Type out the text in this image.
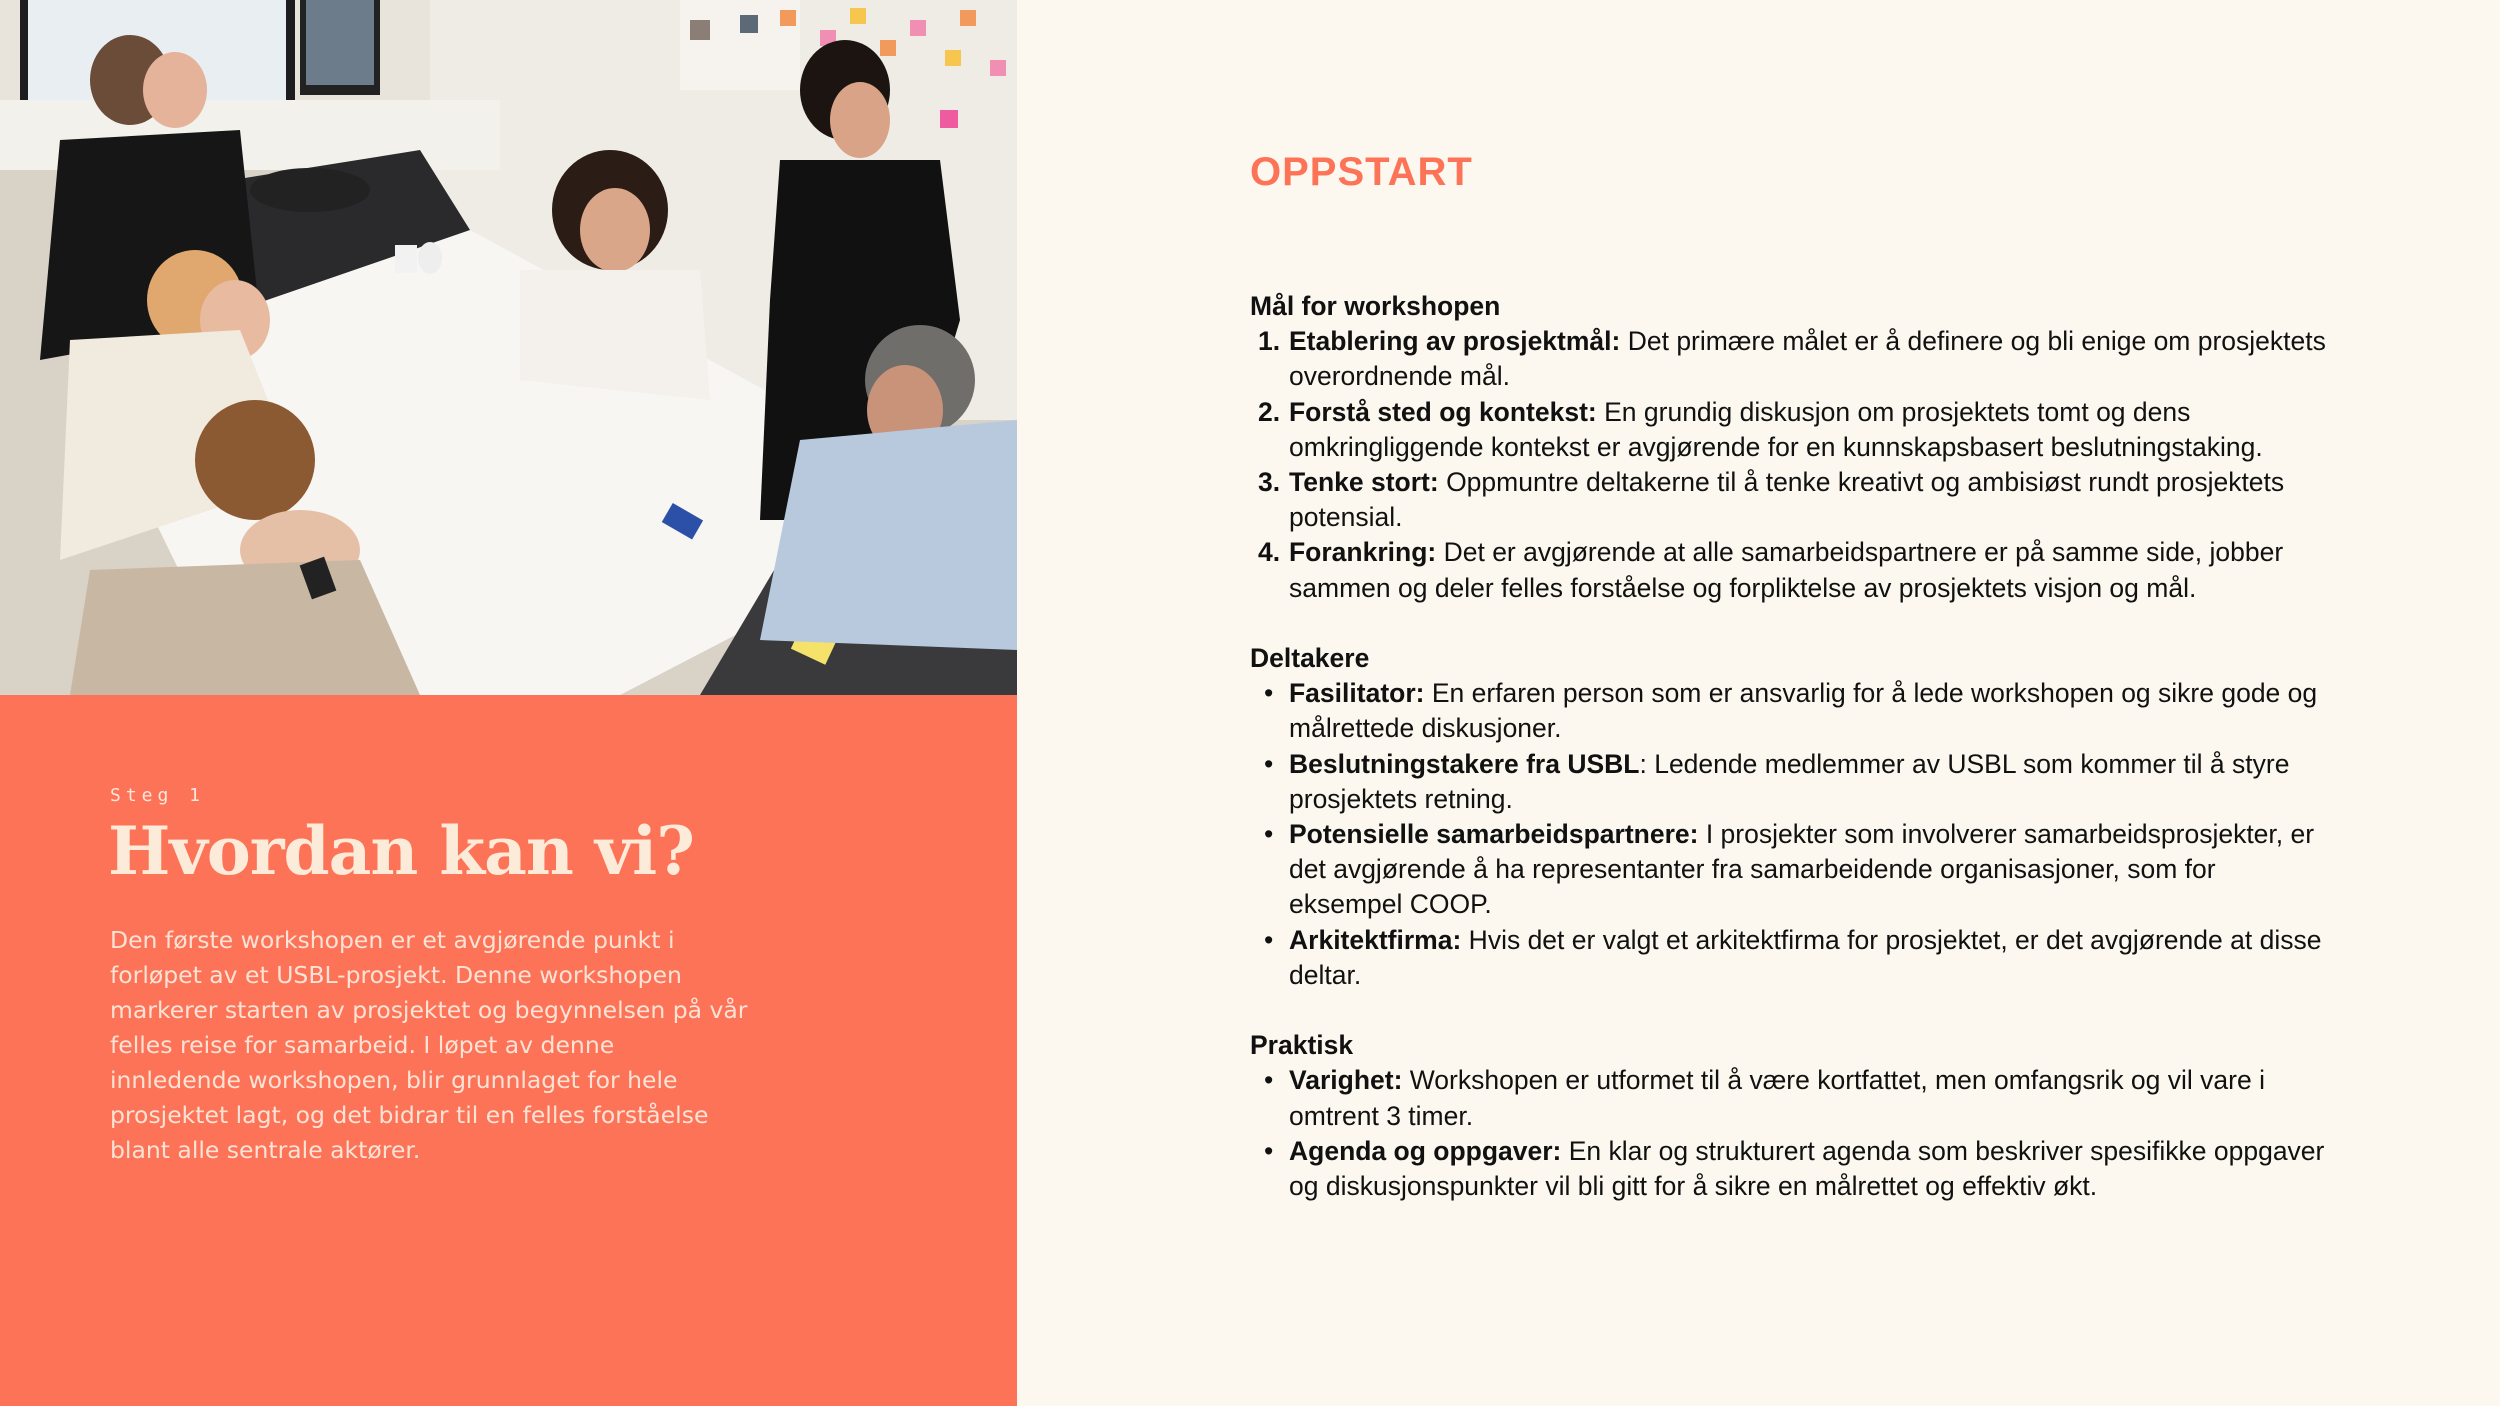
Steg 1
Hvordan kan vi?
Den første workshopen er et avgjørende punkt i forløpet av et USBL-prosjekt. Denne workshopen markerer starten av prosjektet og begynnelsen på vår felles reise for samarbeid. I løpet av denne innledende workshopen, blir grunnlaget for hele prosjektet lagt, og det bidrar til en felles forståelse blant alle sentrale aktører.
OPPSTART
Mål for workshopen
1. Etablering av prosjektmål: Det primære målet er å definere og bli enige om prosjektets overordnende mål.
2. Forstå sted og kontekst: En grundig diskusjon om prosjektets tomt og dens omkringliggende kontekst er avgjørende for en kunnskapsbasert beslutningstaking.
3. Tenke stort: Oppmuntre deltakerne til å tenke kreativt og ambisiøst rundt prosjektets potensial.
4. Forankring: Det er avgjørende at alle samarbeidspartnere er på samme side, jobber sammen og deler felles forståelse og forpliktelse av prosjektets visjon og mål.
Deltakere
• Fasilitator: En erfaren person som er ansvarlig for å lede workshopen og sikre gode og målrettede diskusjoner.
• Beslutningstakere fra USBL: Ledende medlemmer av USBL som kommer til å styre prosjektets retning.
• Potensielle samarbeidspartnere: I prosjekter som involverer samarbeidsprosjekter, er det avgjørende å ha representanter fra samarbeidende organisasjoner, som for eksempel COOP.
• Arkitektfirma: Hvis det er valgt et arkitektfirma for prosjektet, er det avgjørende at disse deltar.
Praktisk
• Varighet: Workshopen er utformet til å være kortfattet, men omfangsrik og vil vare i omtrent 3 timer.
• Agenda og oppgaver: En klar og strukturert agenda som beskriver spesifikke oppgaver og diskusjonspunkter vil bli gitt for å sikre en målrettet og effektiv økt.
